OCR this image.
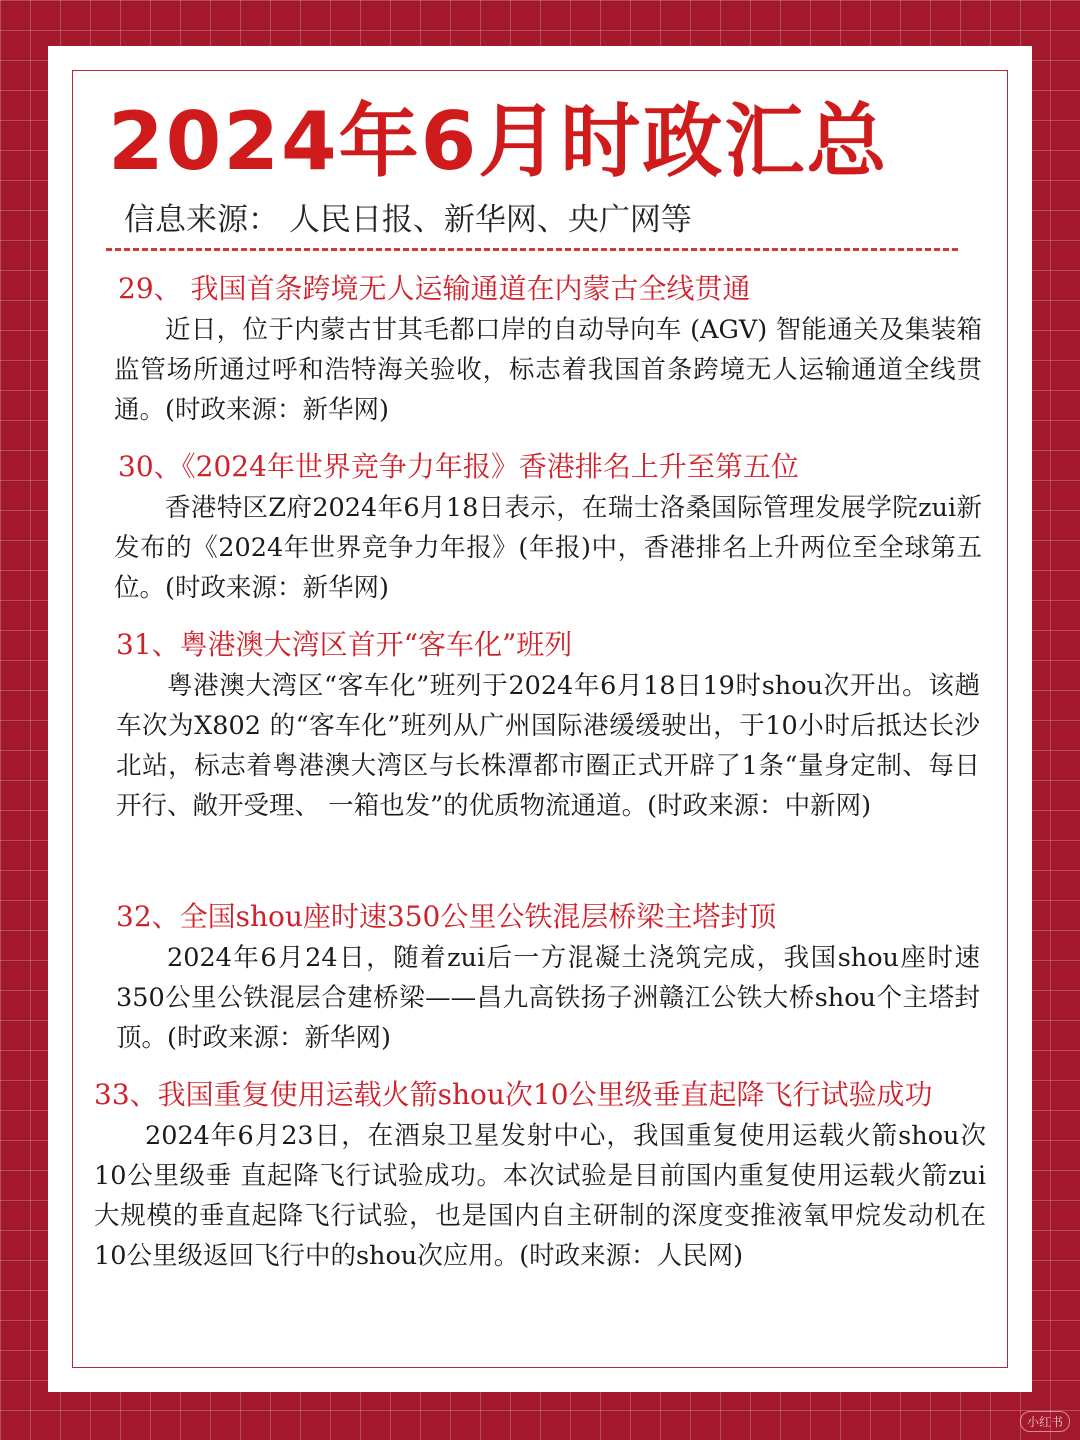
2024年6月时政汇总
信息来源： 人民日报、新华网、央广网等
29、 我国首条跨境无人运输通道在内蒙古全线贯通

近日，位于内蒙古甘其毛都口岸的自动导向车 (AGV) 智能通关及集装箱监管场所通过呼和浩特海关验收，标志着我国首条跨境无人运输通道全线贯通。(时政来源：新华网)

30、《2024年世界竞争力年报》香港排名上升至第五位

香港特区Z府2024年6月18日表示，在瑞士洛桑国际管理发展学院zui新发布的《2024年世界竞争力年报》(年报)中，香港排名上升两位至全球第五位。(时政来源：新华网)

31、粤港澳大湾区首开“客车化”班列

粤港澳大湾区“客车化”班列于2024年6月18日19时shou次开出。该趟车次为X802 的“客车化”班列从广州国际港缓缓驶出，于10小时后抵达长沙北站，标志着粤港澳大湾区与长株潭都市圈正式开辟了1条“量身定制、每日开行、敞开受理、 一箱也发”的优质物流通道。(时政来源：中新网)

32、全国shou座时速350公里公铁混层桥梁主塔封顶

2024年6月24日，随着zui后一方混凝土浇筑完成，我国shou座时速350公里公铁混层合建桥梁——昌九高铁扬子洲赣江公铁大桥shou个主塔封顶。(时政来源：新华网)

33、我国重复使用运载火箭shou次10公里级垂直起降飞行试验成功

2024年6月23日，在酒泉卫星发射中心，我国重复使用运载火箭shou次10公里级垂 直起降飞行试验成功。本次试验是目前国内重复使用运载火箭zui大规模的垂直起降飞行试验，也是国内自主研制的深度变推液氧甲烷发动机在10公里级返回飞行中的shou次应用。(时政来源：人民网)

小红书
